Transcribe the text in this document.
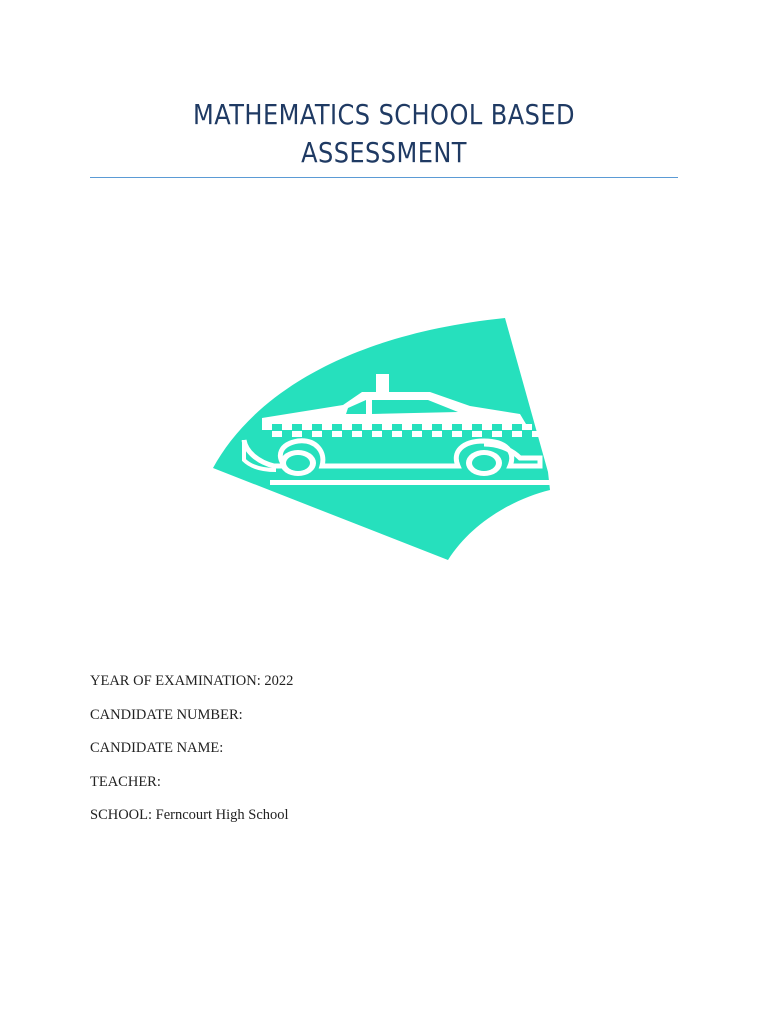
MATHEMATICS SCHOOL BASED
ASSESSMENT
YEAR OF EXAMINATION: 2022
CANDIDATE NUMBER:
CANDIDATE NAME:
TEACHER:
SCHOOL: Ferncourt High School
